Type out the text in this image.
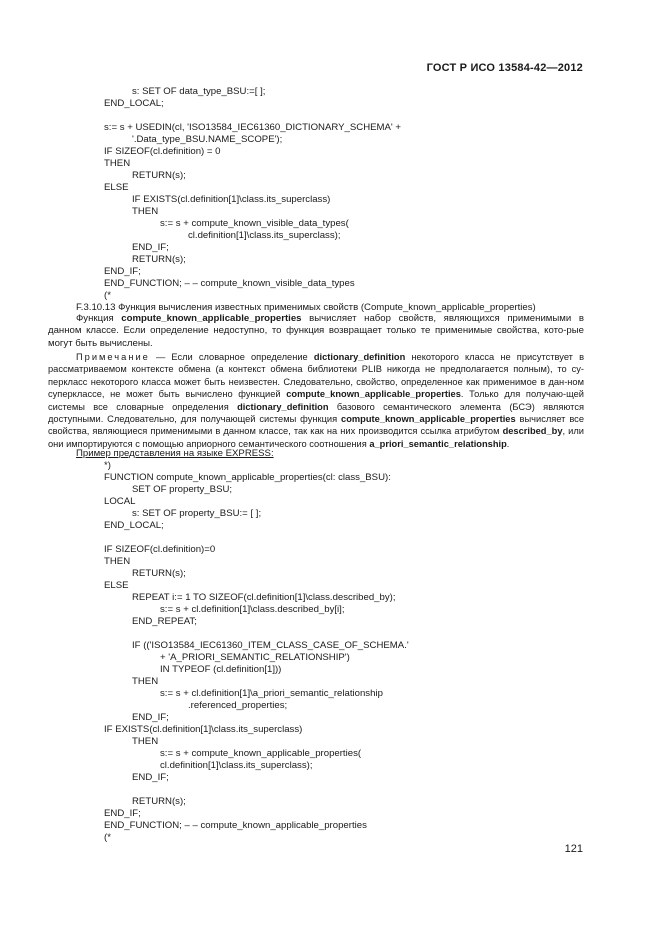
ГОСТ Р ИСО 13584-42—2012
s: SET OF data_type_BSU:=[ ];
END_LOCAL;
s:= s + USEDIN(cl, 'ISO13584_IEC61360_DICTIONARY_SCHEMA' +
'.Data_type_BSU.NAME_SCOPE');
IF SIZEOF(cl.definition) = 0
THEN
RETURN(s);
ELSE
IF EXISTS(cl.definition[1]\class.its_superclass)
THEN
s:= s + compute_known_visible_data_types(
cl.definition[1]\class.its_superclass);
END_IF;
RETURN(s);
END_IF;
END_FUNCTION; – – compute_known_visible_data_types
(*
F.3.10.13 Функция вычисления известных применимых свойств (Compute_known_applicable_properties)
Функция compute_known_applicable_properties вычисляет набор свойств, являющихся применимыми в данном классе. Если определение недоступно, то функция возвращает только те применимые свойства, кото-рые могут быть вычислены.
Примечание — Если словарное определение dictionary_definition некоторого класса не присутствует в рассматриваемом контексте обмена (а контекст обмена библиотеки PLIB никогда не предполагается полным), то су-перкласс некоторого класса может быть неизвестен. Следовательно, свойство, определенное как применимое в дан-ном суперклассе, не может быть вычислено функцией compute_known_applicable_properties. Только для получаю-щей системы все словарные определения dictionary_definition базового семантического элемента (БСЭ) являются доступными. Следовательно, для получающей системы функция compute_known_applicable_properties вычисляет все свойства, являющиеся применимыми в данном классе, так как на них производится ссылка атрибутом described_by, или они импортируются с помощью априорного семантического соотношения a_priori_semantic_relationship.
Пример представления на языке EXPRESS:
*)
FUNCTION compute_known_applicable_properties(cl: class_BSU):
SET OF property_BSU;
LOCAL
s: SET OF property_BSU:= [ ];
END_LOCAL;
IF SIZEOF(cl.definition)=0
THEN
RETURN(s);
ELSE
REPEAT i:= 1 TO SIZEOF(cl.definition[1]\class.described_by);
s:= s + cl.definition[1]\class.described_by[i];
END_REPEAT;
IF (('ISO13584_IEC61360_ITEM_CLASS_CASE_OF_SCHEMA.'
+ 'A_PRIORI_SEMANTIC_RELATIONSHIP')
IN TYPEOF (cl.definition[1]))
THEN
s:= s + cl.definition[1]\a_priori_semantic_relationship
.referenced_properties;
END_IF;
IF EXISTS(cl.definition[1]\class.its_superclass)
THEN
s:= s + compute_known_applicable_properties(
cl.definition[1]\class.its_superclass);
END_IF;
RETURN(s);
END_IF;
END_FUNCTION; – – compute_known_applicable_properties
(*
121
